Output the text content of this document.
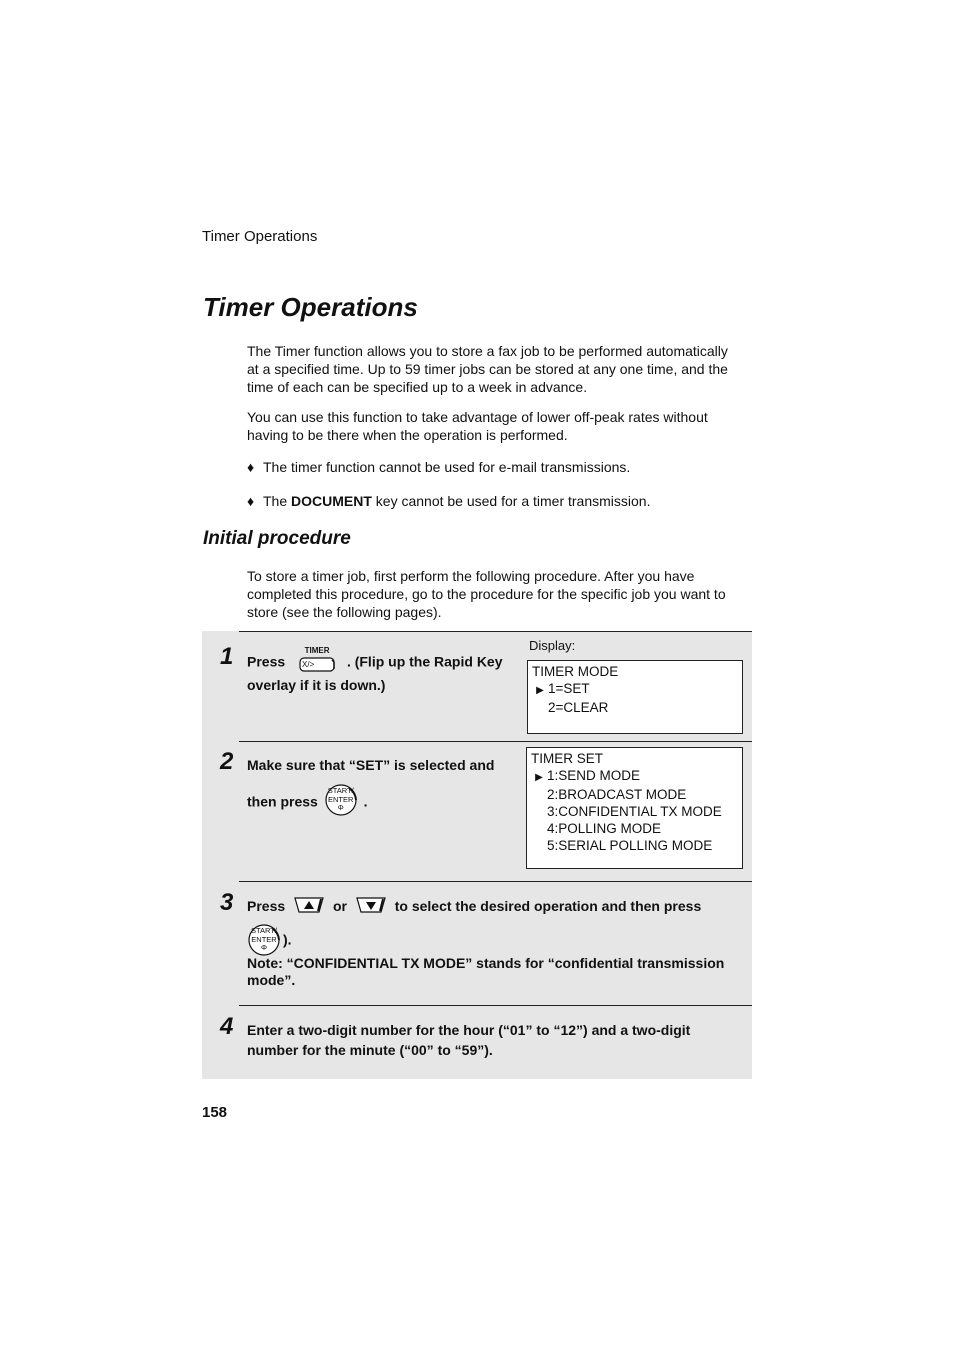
Timer Operations
Timer Operations
The Timer function allows you to store a fax job to be performed automatically
at a specified time. Up to 59 timer jobs can be stored at any one time, and the
time of each can be specified up to a week in advance.
You can use this function to take advantage of lower off-peak rates without
having to be there when the operation is performed.
♦ The timer function cannot be used for e-mail transmissions.
♦ The DOCUMENT key cannot be used for a timer transmission.
Initial procedure
To store a timer job, first perform the following procedure. After you have
completed this procedure, go to the procedure for the specific job you want to
store (see the following pages).
1 Press
TIMER
X/> . (Flip up the Rapid Key
overlay if it is down.)
Display:
TIMER MODE
▶ 1=SET
2=CLEAR
2 Make sure that “SET” is selected and
then press
START/
ENTER
Φ	.
TIMER SET
▶ 1:SEND MODE
2:BROADCAST MODE
3:CONFIDENTIAL TX MODE
4:POLLING MODE
5:SERIAL POLLING MODE
3 Press	or	to select the desired operation and then press
START/
ENTER
Φ	).
Note: “CONFIDENTIAL TX MODE” stands for “confidential transmission
mode”.
4 Enter a two-digit number for the hour (“01” to “12”) and a two-digit
number for the minute (“00” to “59”).
158
